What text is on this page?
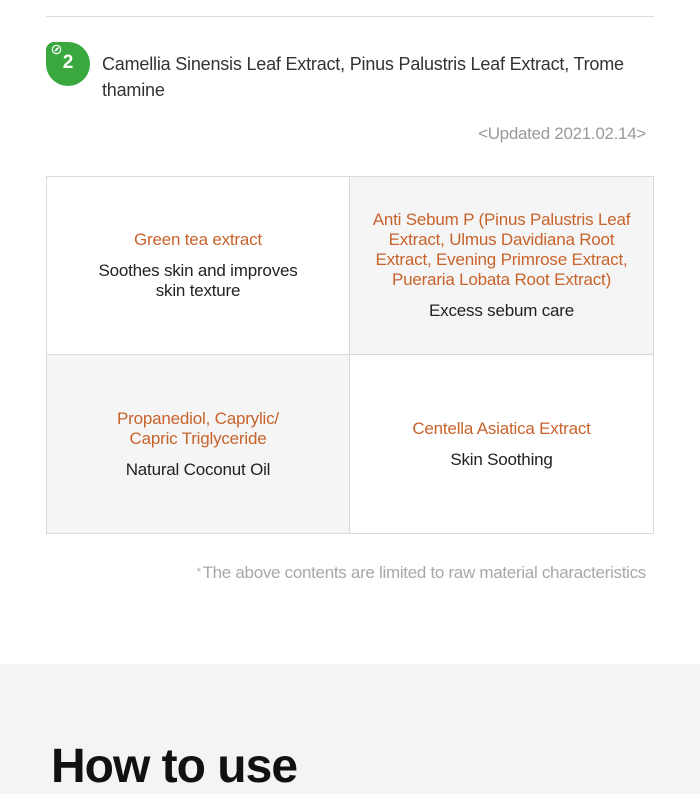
2	Camellia Sinensis Leaf Extract, Pinus Palustris Leaf Extract, Trome thamine
<Updated 2021.02.14>
Green tea extract
Soothes skin and improves skin texture
Anti Sebum P (Pinus Palustris Leaf Extract, Ulmus Davidiana Root Extract, Evening Primrose Extract, Pueraria Lobata Root Extract)
Excess sebum care
Propanediol, Caprylic/ Capric Triglyceride
Natural Coconut Oil
Centella Asiatica Extract
Skin Soothing
* The above contents are limited to raw material characteristics
How to use
